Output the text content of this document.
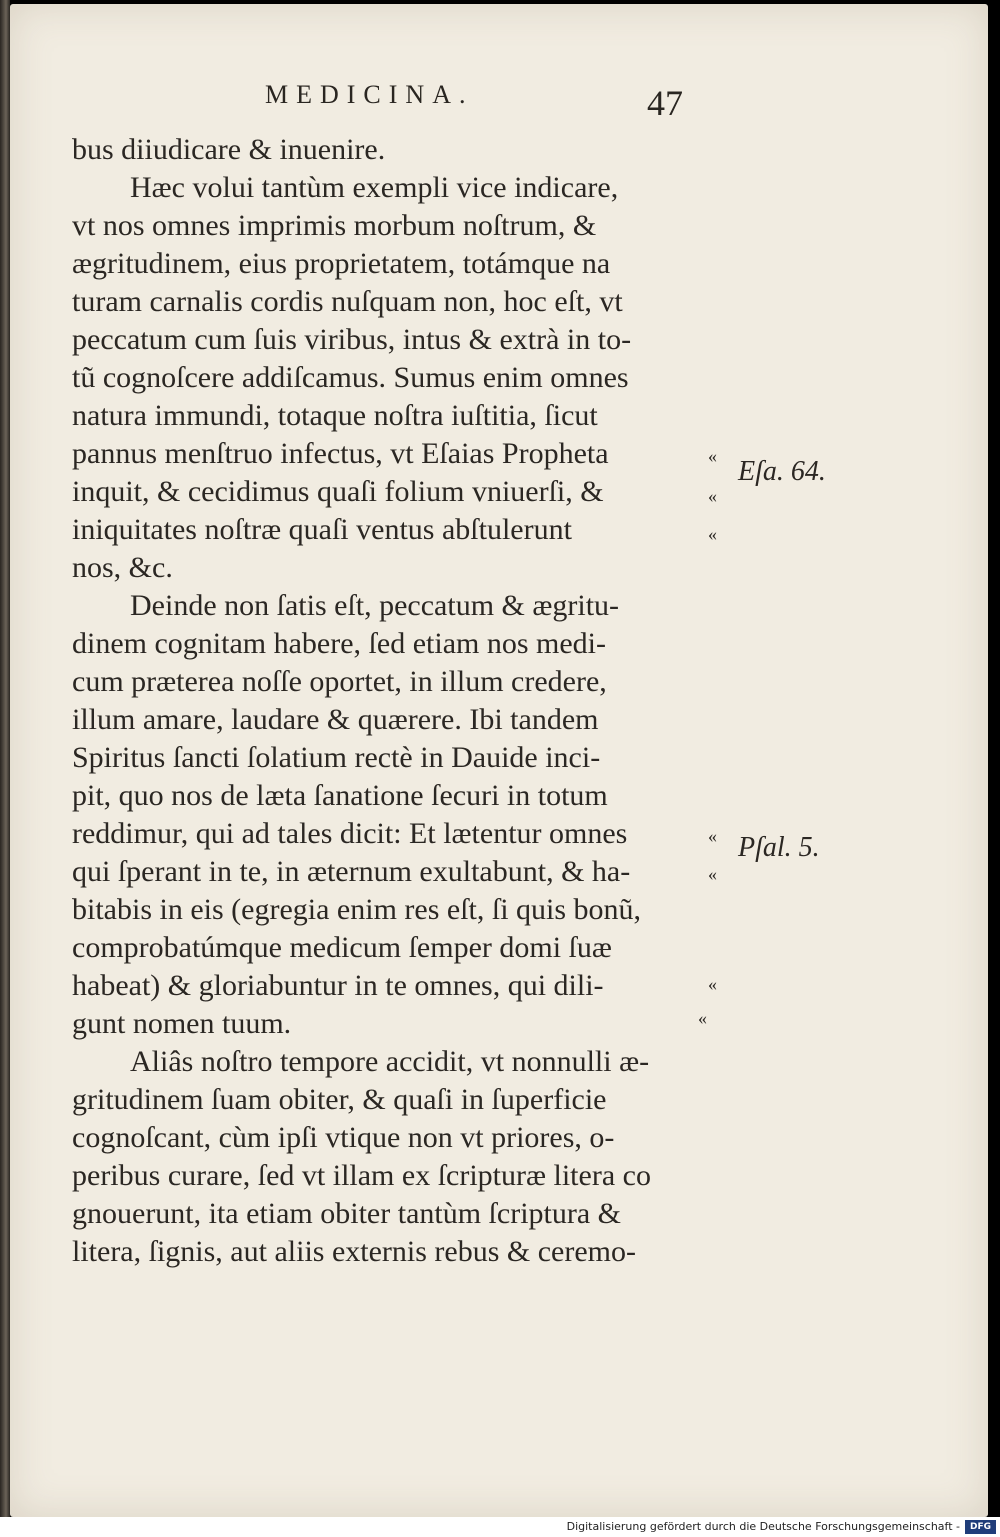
MEDICINA.	47
bus diiudicare & inuenire.
Hæc volui tantùm exempli vice indicare,
vt nos omnes imprimis morbum noſtrum, &
ægritudinem, eius proprietatem, totámque na
turam carnalis cordis nuſquam non, hoc eſt, vt
peccatum cum ſuis viribus, intus & extrà in to-
tũ cognoſcere addiſcamus. Sumus enim omnes
natura immundi, totaque noſtra iuſtitia, ſicut
pannus menſtruo infectus, vt Eſaias Propheta
inquit, & cecidimus quaſi folium vniuerſi, &
iniquitates noſtræ quaſi ventus abſtulerunt
nos, &c.
Deinde non ſatis eſt, peccatum & ægritu-
dinem cognitam habere, ſed etiam nos medi-
cum præterea noſſe oportet, in illum credere,
illum amare, laudare & quærere. Ibi tandem
Spiritus ſancti ſolatium rectè in Dauide inci-
pit, quo nos de læta ſanatione ſecuri in totum
reddimur, qui ad tales dicit: Et lætentur omnes
qui ſperant in te, in æternum exultabunt, & ha-
bitabis in eis (egregia enim res eſt, ſi quis bonũ,
comprobatúmque medicum ſemper domi ſuæ
habeat) & gloriabuntur in te omnes, qui dili-
gunt nomen tuum.
Aliâs noſtro tempore accidit, vt nonnulli æ-
gritudinem ſuam obiter, & quaſi in ſuperficie
cognoſcant, cùm ipſi vtique non vt priores, o-
peribus curare, ſed vt illam ex ſcripturæ litera co
gnouerunt, ita etiam obiter tantùm ſcriptura &
litera, ſignis, aut aliis externis rebus & ceremo-
«
«
«
«
«
«
«
Eſa. 64.
Pſal. 5.
Digitalisierung gefördert durch die Deutsche Forschungsgemeinschaft -	DFG
